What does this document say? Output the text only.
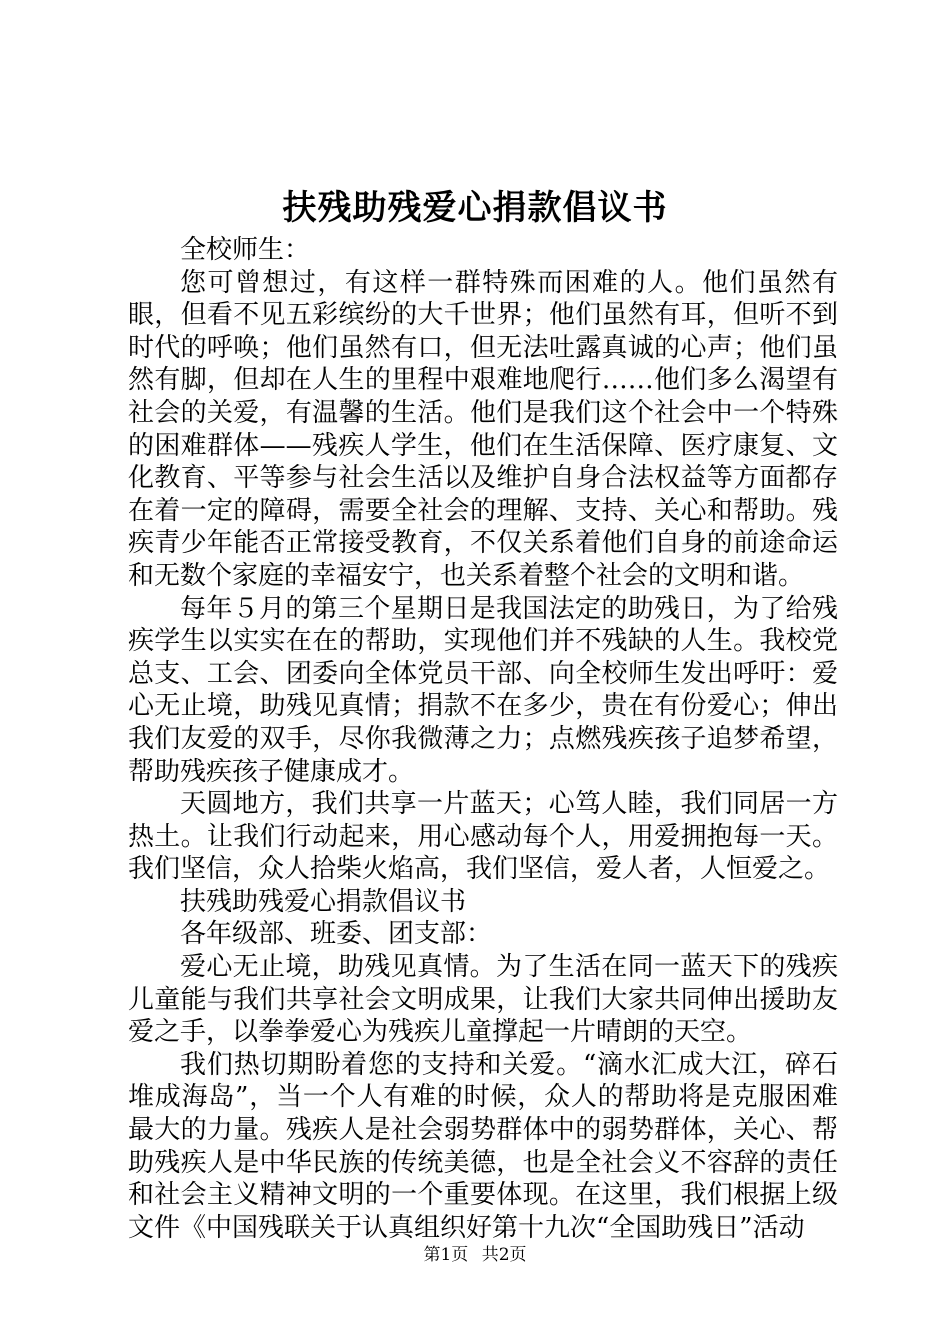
扶残助残爱心捐款倡议书

全校师生：

您可曾想过，有这样一群特殊而困难的人。他们虽然有眼，但看不见五彩缤纷的大千世界；他们虽然有耳，但听不到时代的呼唤；他们虽然有口，但无法吐露真诚的心声；他们虽然有脚，但却在人生的里程中艰难地爬行……他们多么渴望有社会的关爱，有温馨的生活。他们是我们这个社会中一个特殊的困难群体——残疾人学生，他们在生活保障、医疗康复、文化教育、平等参与社会生活以及维护自身合法权益等方面都存在着一定的障碍，需要全社会的理解、支持、关心和帮助。残疾青少年能否正常接受教育，不仅关系着他们自身的前途命运和无数个家庭的幸福安宁，也关系着整个社会的文明和谐。

每年５月的第三个星期日是我国法定的助残日，为了给残疾学生以实实在在的帮助，实现他们并不残缺的人生。我校党总支、工会、团委向全体党员干部、向全校师生发出呼吁：爱心无止境，助残见真情；捐款不在多少，贵在有份爱心；伸出我们友爱的双手，尽你我微薄之力；点燃残疾孩子追梦希望，帮助残疾孩子健康成才。

天圆地方，我们共享一片蓝天；心笃人睦，我们同居一方热土。让我们行动起来，用心感动每个人，用爱拥抱每一天。我们坚信，众人拾柴火焰高，我们坚信，爱人者，人恒爱之。

扶残助残爱心捐款倡议书

各年级部、班委、团支部：

爱心无止境，助残见真情。为了生活在同一蓝天下的残疾儿童能与我们共享社会文明成果，让我们大家共同伸出援助友爱之手，以拳拳爱心为残疾儿童撑起一片晴朗的天空。

我们热切期盼着您的支持和关爱。“滴水汇成大江，碎石堆成海岛”，当一个人有难的时候，众人的帮助将是克服困难最大的力量。残疾人是社会弱势群体中的弱势群体，关心、帮助残疾人是中华民族的传统美德，也是全社会义不容辞的责任和社会主义精神文明的一个重要体现。在这里，我们根据上级文件《中国残联关于认真组织好第十九次“全国助残日”活动

第1页 共2页
